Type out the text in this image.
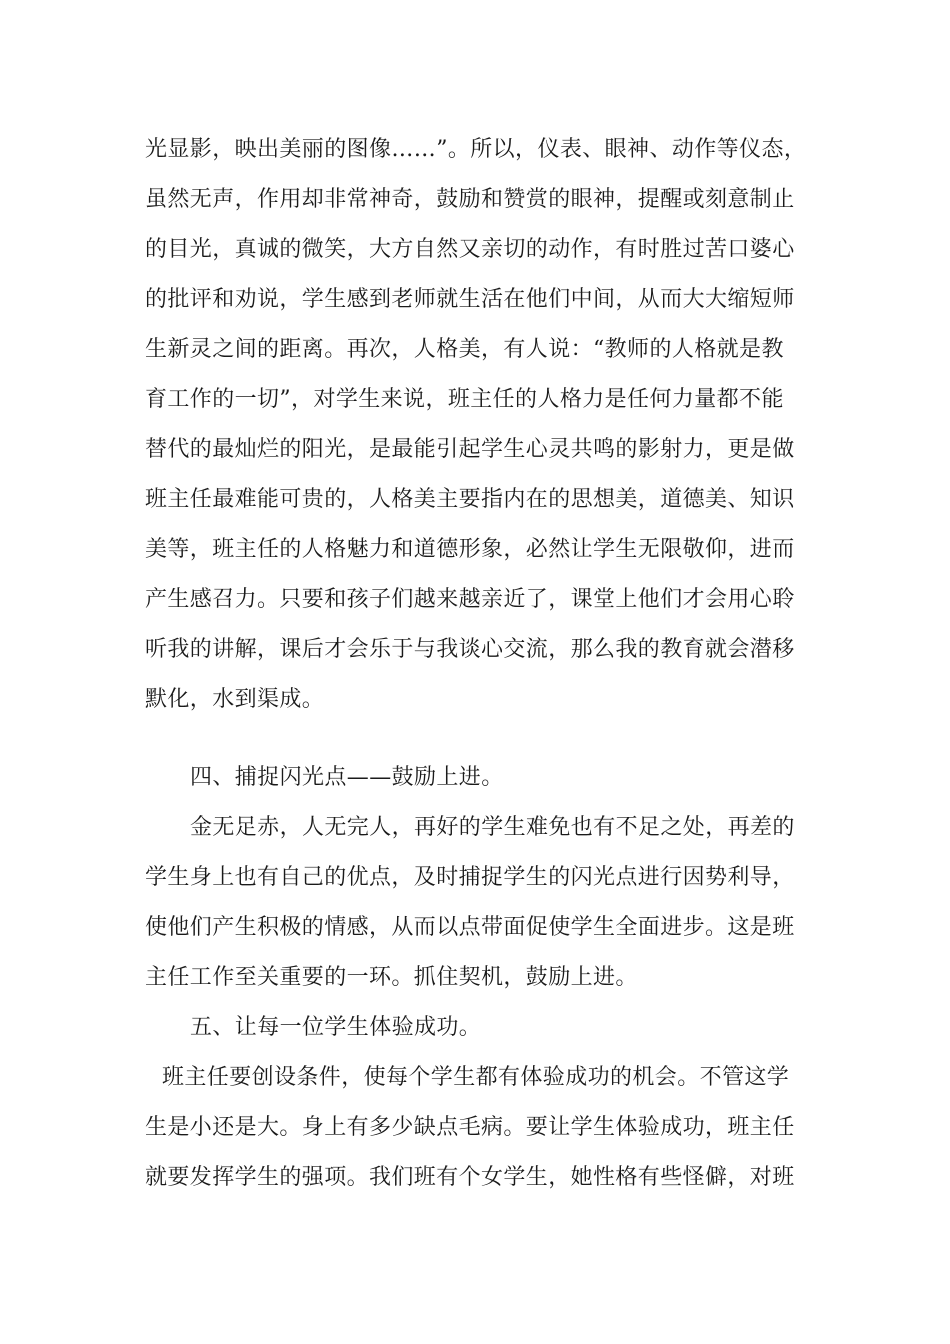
光显影，映出美丽的图像……”。所以，仪表、眼神、动作等仪态，
虽然无声，作用却非常神奇，鼓励和赞赏的眼神，提醒或刻意制止
的目光，真诚的微笑，大方自然又亲切的动作，有时胜过苦口婆心
的批评和劝说，学生感到老师就生活在他们中间，从而大大缩短师
生新灵之间的距离。再次，人格美，有人说：“教师的人格就是教
育工作的一切”，对学生来说，班主任的人格力是任何力量都不能
替代的最灿烂的阳光，是最能引起学生心灵共鸣的影射力，更是做
班主任最难能可贵的，人格美主要指内在的思想美，道德美、知识
美等，班主任的人格魅力和道德形象，必然让学生无限敬仰，进而
产生感召力。只要和孩子们越来越亲近了，课堂上他们才会用心聆
听我的讲解，课后才会乐于与我谈心交流，那么我的教育就会潜移
默化，水到渠成。
四、捕捉闪光点——鼓励上进。
金无足赤，人无完人，再好的学生难免也有不足之处，再差的
学生身上也有自己的优点，及时捕捉学生的闪光点进行因势利导，
使他们产生积极的情感，从而以点带面促使学生全面进步。这是班
主任工作至关重要的一环。抓住契机，鼓励上进。
五、让每一位学生体验成功。
班主任要创设条件，使每个学生都有体验成功的机会。不管这学
生是小还是大。身上有多少缺点毛病。要让学生体验成功，班主任
就要发挥学生的强项。我们班有个女学生，她性格有些怪僻，对班
